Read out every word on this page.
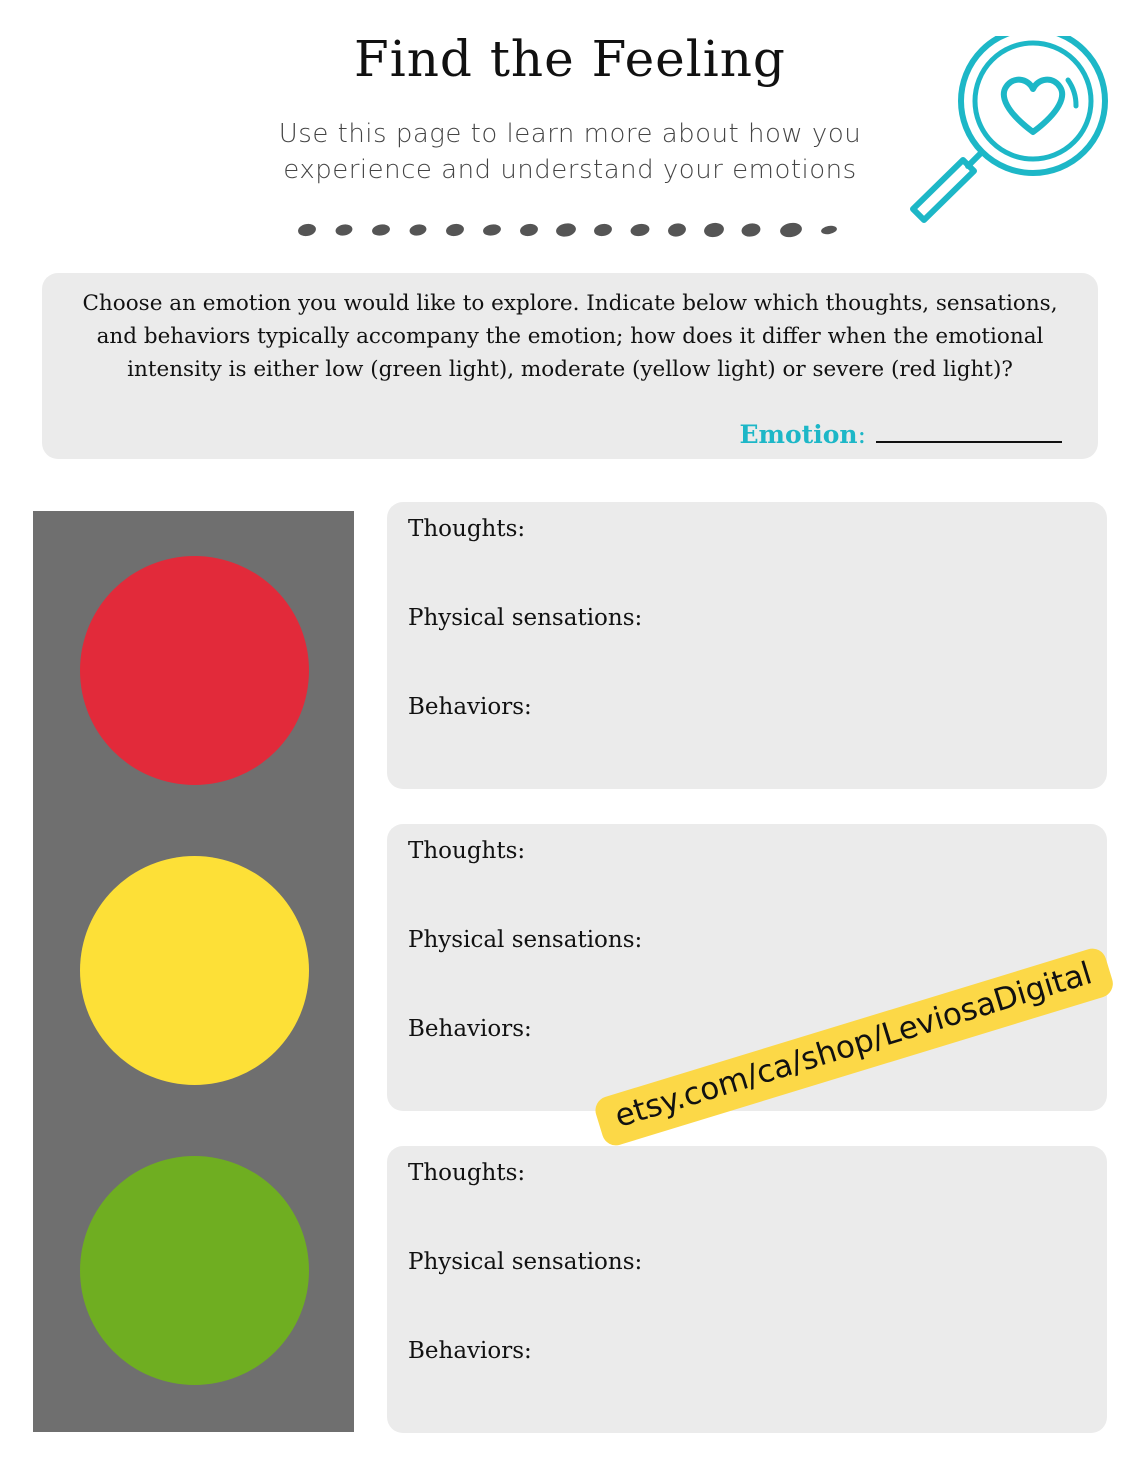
Find the Feeling
Use this page to learn more about how you experience and understand your emotions
Choose an emotion you would like to explore. Indicate below which thoughts, sensations, and behaviors typically accompany the emotion; how does it differ when the emotional intensity is either low (green light), moderate (yellow light) or severe (red light)?
Emotion :
Thoughts:
Physical sensations:
Behaviors:
Thoughts:
Physical sensations:
Behaviors:
Thoughts:
Physical sensations:
Behaviors:
etsy.com/ca/shop/LeviosaDigital
